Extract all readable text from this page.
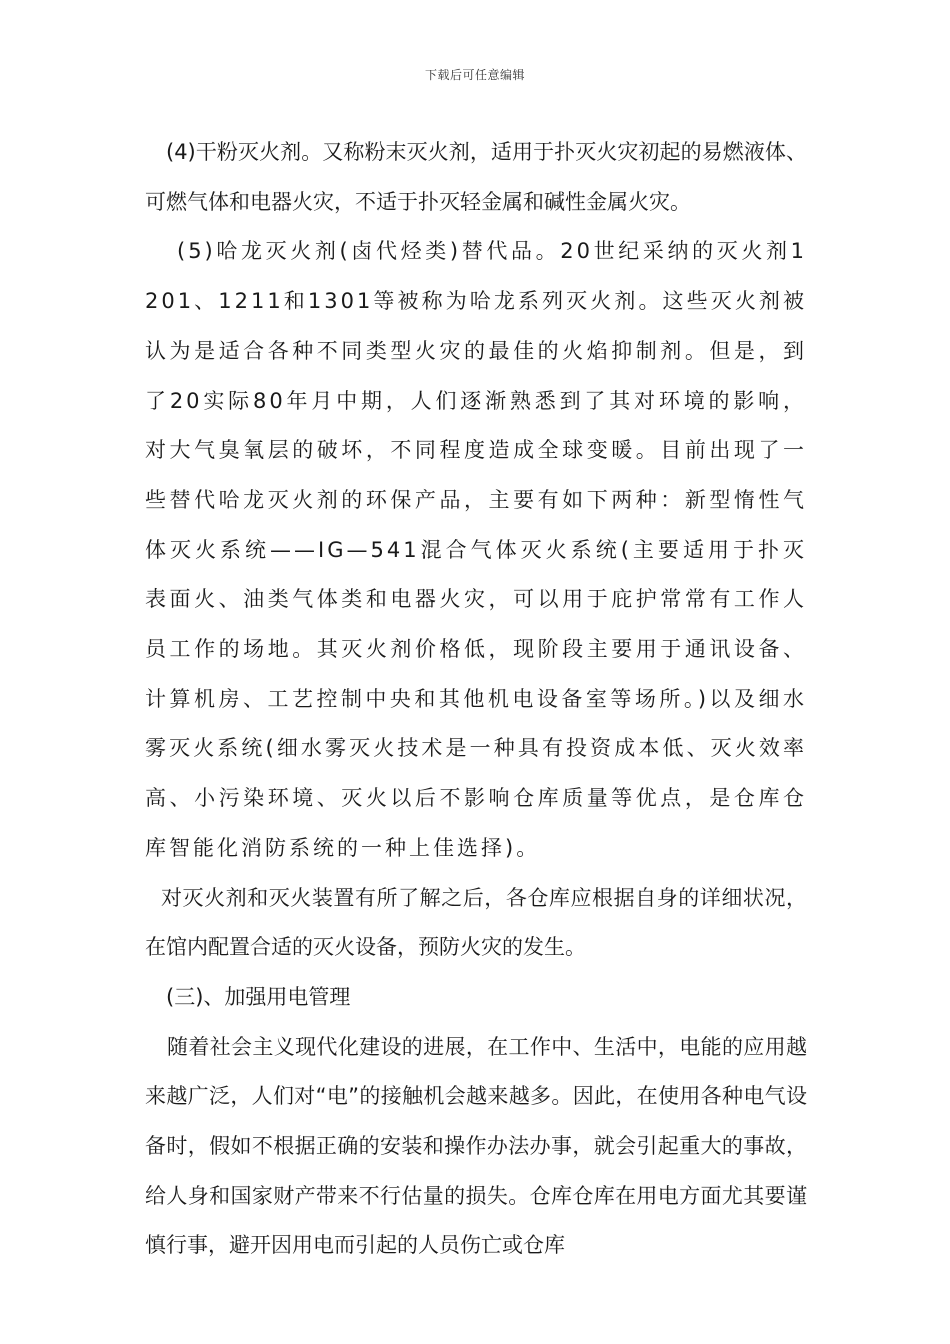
下载后可任意编辑

(4)干粉灭火剂。又称粉末灭火剂，适用于扑灭火灾初起的易燃液体、可燃气体和电器火灾，不适于扑灭轻金属和碱性金属火灾。

(5)哈龙灭火剂(卤代烃类)替代品。20世纪采纳的灭火剂1201、1211和1301等被称为哈龙系列灭火剂。这些灭火剂被认为是适合各种不同类型火灾的最佳的火焰抑制剂。但是，到了20实际80年月中期，人们逐渐熟悉到了其对环境的影响，对大气臭氧层的破坏，不同程度造成全球变暖。目前出现了一些替代哈龙灭火剂的环保产品，主要有如下两种：新型惰性气体灭火系统——IG—541混合气体灭火系统(主要适用于扑灭表面火、油类气体类和电器火灾，可以用于庇护常常有工作人员工作的场地。其灭火剂价格低，现阶段主要用于通讯设备、计算机房、工艺控制中央和其他机电设备室等场所。)以及细水雾灭火系统(细水雾灭火技术是一种具有投资成本低、灭火效率高、小污染环境、灭火以后不影响仓库质量等优点，是仓库仓库智能化消防系统的一种上佳选择)。

对灭火剂和灭火装置有所了解之后，各仓库应根据自身的详细状况，在馆内配置合适的灭火设备，预防火灾的发生。

(三)、加强用电管理

随着社会主义现代化建设的进展，在工作中、生活中，电能的应用越来越广泛，人们对“电”的接触机会越来越多。因此，在使用各种电气设备时，假如不根据正确的安装和操作办法办事，就会引起重大的事故，给人身和国家财产带来不行估量的损失。仓库仓库在用电方面尤其要谨慎行事，避开因用电而引起的人员伤亡或仓库
